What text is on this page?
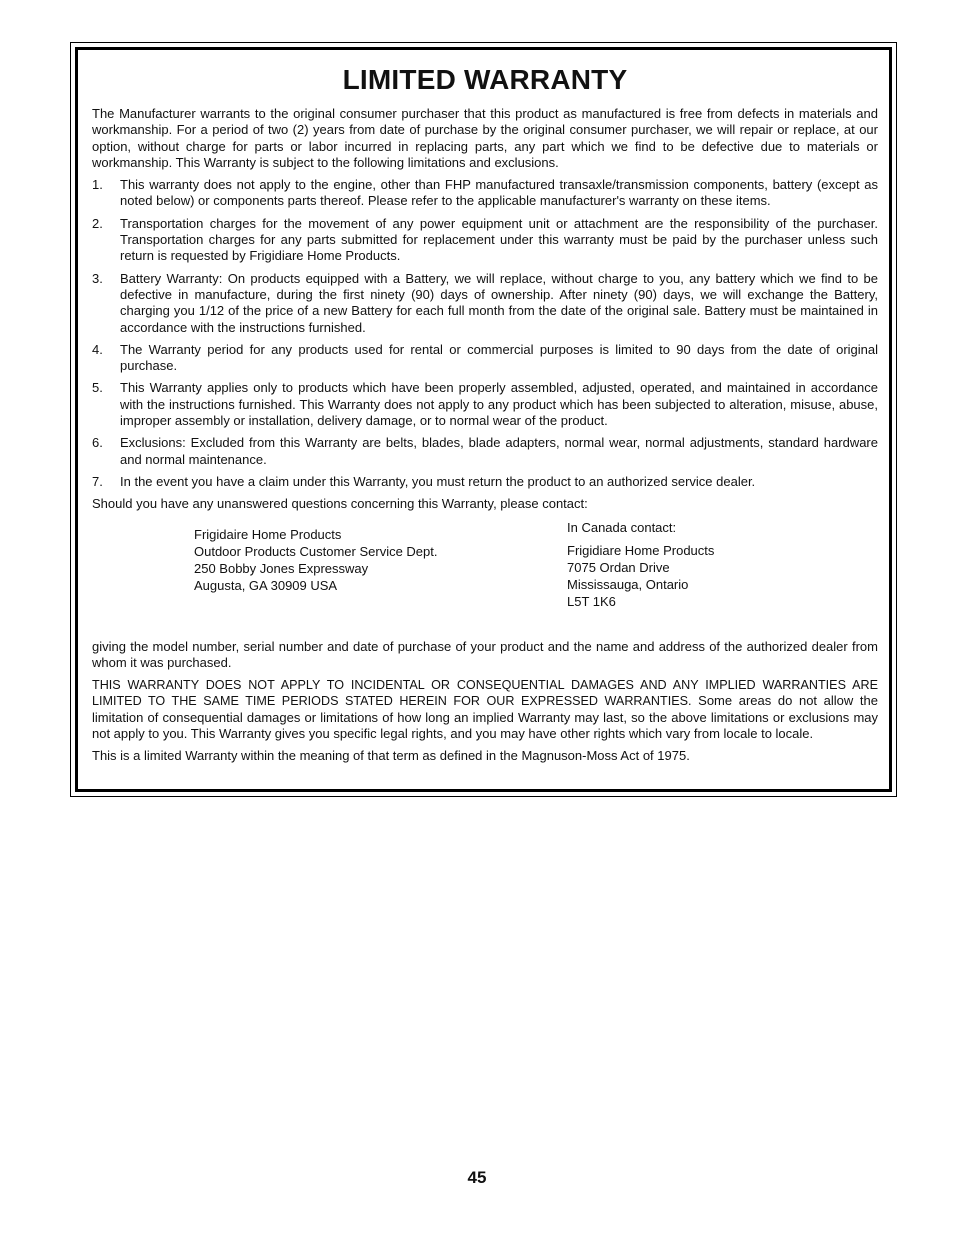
LIMITED WARRANTY

The Manufacturer warrants to the original consumer purchaser that this product as manufactured is free from defects in materials and workmanship. For a period of two (2) years from date of purchase by the original consumer purchaser, we will repair or replace, at our option, without charge for parts or labor incurred in replacing parts, any part which we find to be defective due to materials or workmanship. This Warranty is subject to the following limitations and exclusions.

1. This warranty does not apply to the engine, other than FHP manufactured transaxle/transmission components, battery (except as noted below) or components parts thereof. Please refer to the applicable manufacturer's warranty on these items.
2. Transportation charges for the movement of any power equipment unit or attachment are the responsibility of the purchaser. Transportation charges for any parts submitted for replacement under this warranty must be paid by the purchaser unless such return is requested by Frigidiare Home Products.
3. Battery Warranty: On products equipped with a Battery, we will replace, without charge to you, any battery which we find to be defective in manufacture, during the first ninety (90) days of ownership. After ninety (90) days, we will exchange the Battery, charging you 1/12 of the price of a new Battery for each full month from the date of the original sale. Battery must be maintained in accordance with the instructions furnished.
4. The Warranty period for any products used for rental or commercial purposes is limited to 90 days from the date of original purchase.
5. This Warranty applies only to products which have been properly assembled, adjusted, operated, and maintained in accordance with the instructions furnished. This Warranty does not apply to any product which has been subjected to alteration, misuse, abuse, improper assembly or installation, delivery damage, or to normal wear of the product.
6. Exclusions: Excluded from this Warranty are belts, blades, blade adapters, normal wear, normal adjustments, standard hardware and normal maintenance.
7. In the event you have a claim under this Warranty, you must return the product to an authorized service dealer.

Should you have any unanswered questions concerning this Warranty, please contact:

Frigidaire Home Products
Outdoor Products Customer Service Dept.
250 Bobby Jones Expressway
Augusta, GA 30909 USA
In Canada contact:
Frigidiare Home Products
7075 Ordan Drive
Mississauga, Ontario
L5T 1K6

giving the model number, serial number and date of purchase of your product and the name and address of the authorized dealer from whom it was purchased.

THIS WARRANTY DOES NOT APPLY TO INCIDENTAL OR CONSEQUENTIAL DAMAGES AND ANY IMPLIED WARRANTIES ARE LIMITED TO THE SAME TIME PERIODS STATED HEREIN FOR OUR EXPRESSED WARRANTIES. Some areas do not allow the limitation of consequential damages or limitations of how long an implied Warranty may last, so the above limitations or exclusions may not apply to you. This Warranty gives you specific legal rights, and you may have other rights which vary from locale to locale.

This is a limited Warranty within the meaning of that term as defined in the Magnuson-Moss Act of 1975.

45
